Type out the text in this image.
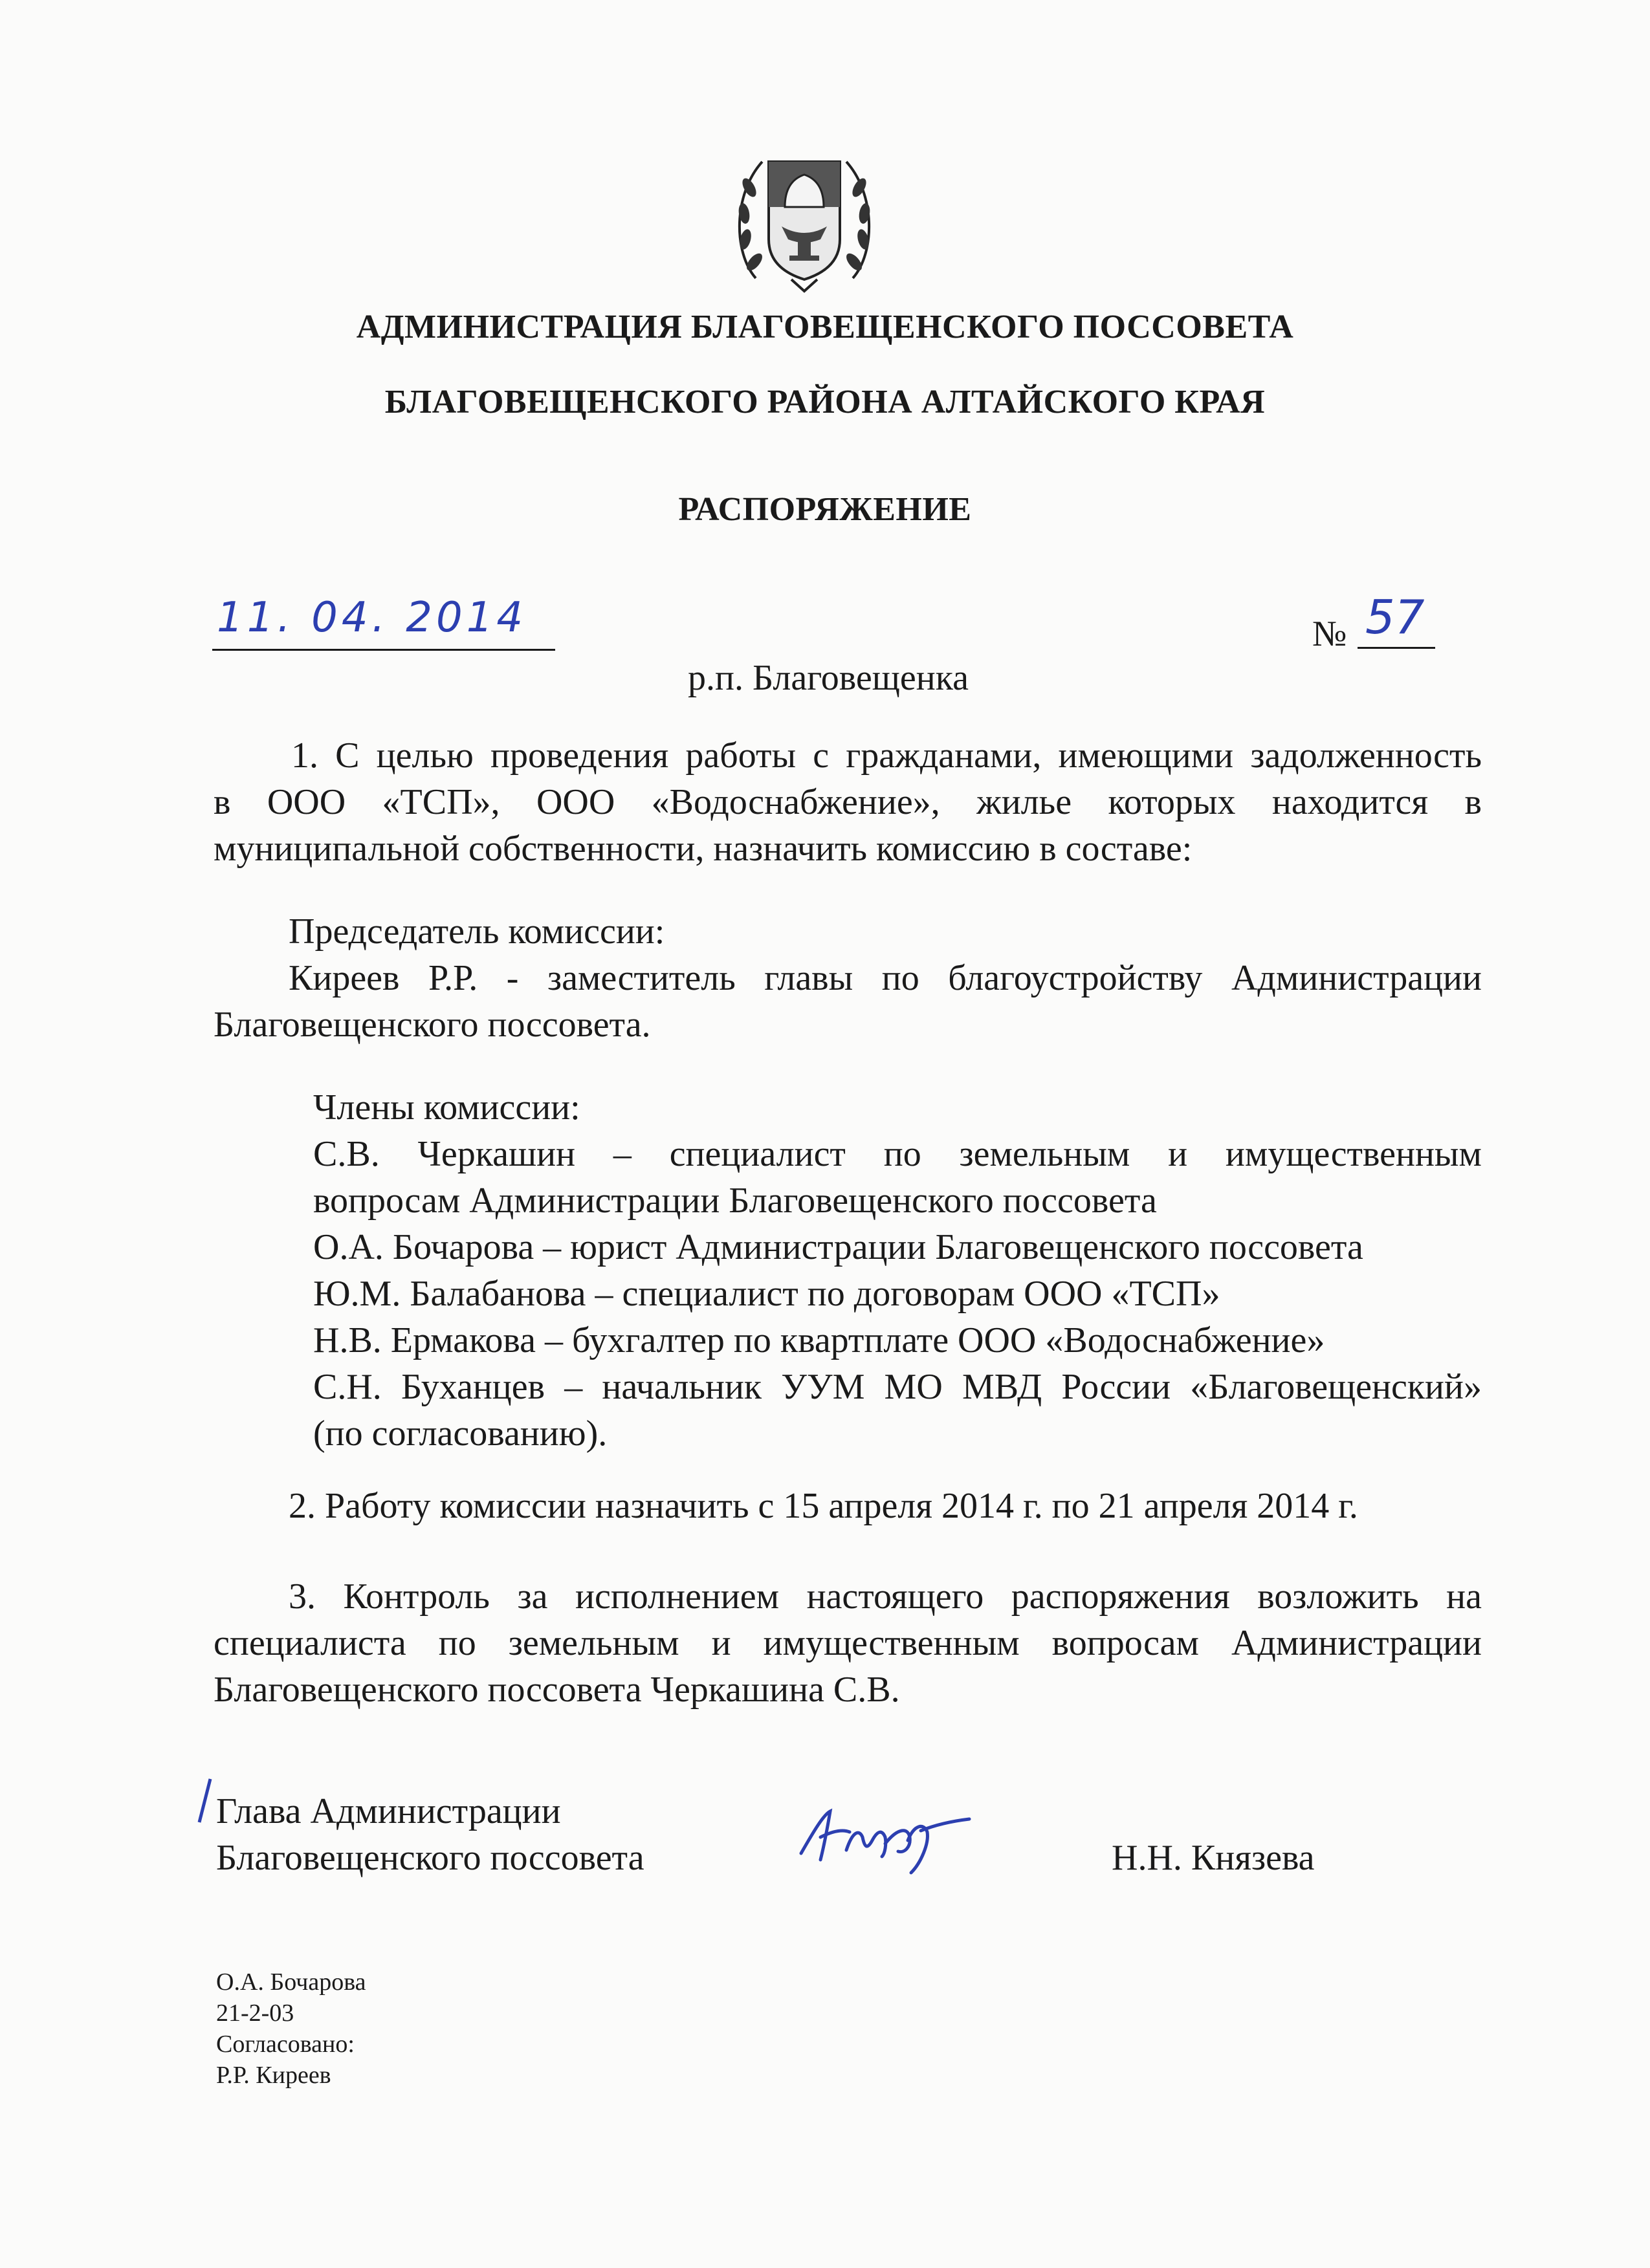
АДМИНИСТРАЦИЯ БЛАГОВЕЩЕНСКОГО ПОССОВЕТА
БЛАГОВЕЩЕНСКОГО РАЙОНА АЛТАЙСКОГО КРАЯ
РАСПОРЯЖЕНИЕ
11. 04. 2014	№ 57
р.п. Благовещенка
1. С целью проведения работы с гражданами, имеющими задолженность
в ООО «ТСП», ООО «Водоснабжение», жилье которых находится в
муниципальной собственности, назначить комиссию в составе:
Председатель комиссии:
Киреев Р.Р. - заместитель главы по благоустройству Администрации
Благовещенского поссовета.
Члены комиссии:
С.В. Черкашин – специалист по земельным и имущественным
вопросам Администрации Благовещенского поссовета
О.А. Бочарова – юрист Администрации Благовещенского поссовета
Ю.М. Балабанова – специалист по договорам ООО «ТСП»
Н.В. Ермакова – бухгалтер по квартплате ООО «Водоснабжение»
С.Н. Буханцев – начальник УУМ МО МВД России «Благовещенский»
(по согласованию).
2. Работу комиссии назначить с 15 апреля 2014 г. по 21 апреля 2014 г.
3. Контроль за исполнением настоящего распоряжения возложить на
специалиста по земельным и имущественным вопросам Администрации
Благовещенского поссовета Черкашина С.В.
Глава Администрации
Благовещенского поссовета	Н.Н. Князева
О.А. Бочарова
21-2-03
Согласовано:
Р.Р. Киреев
